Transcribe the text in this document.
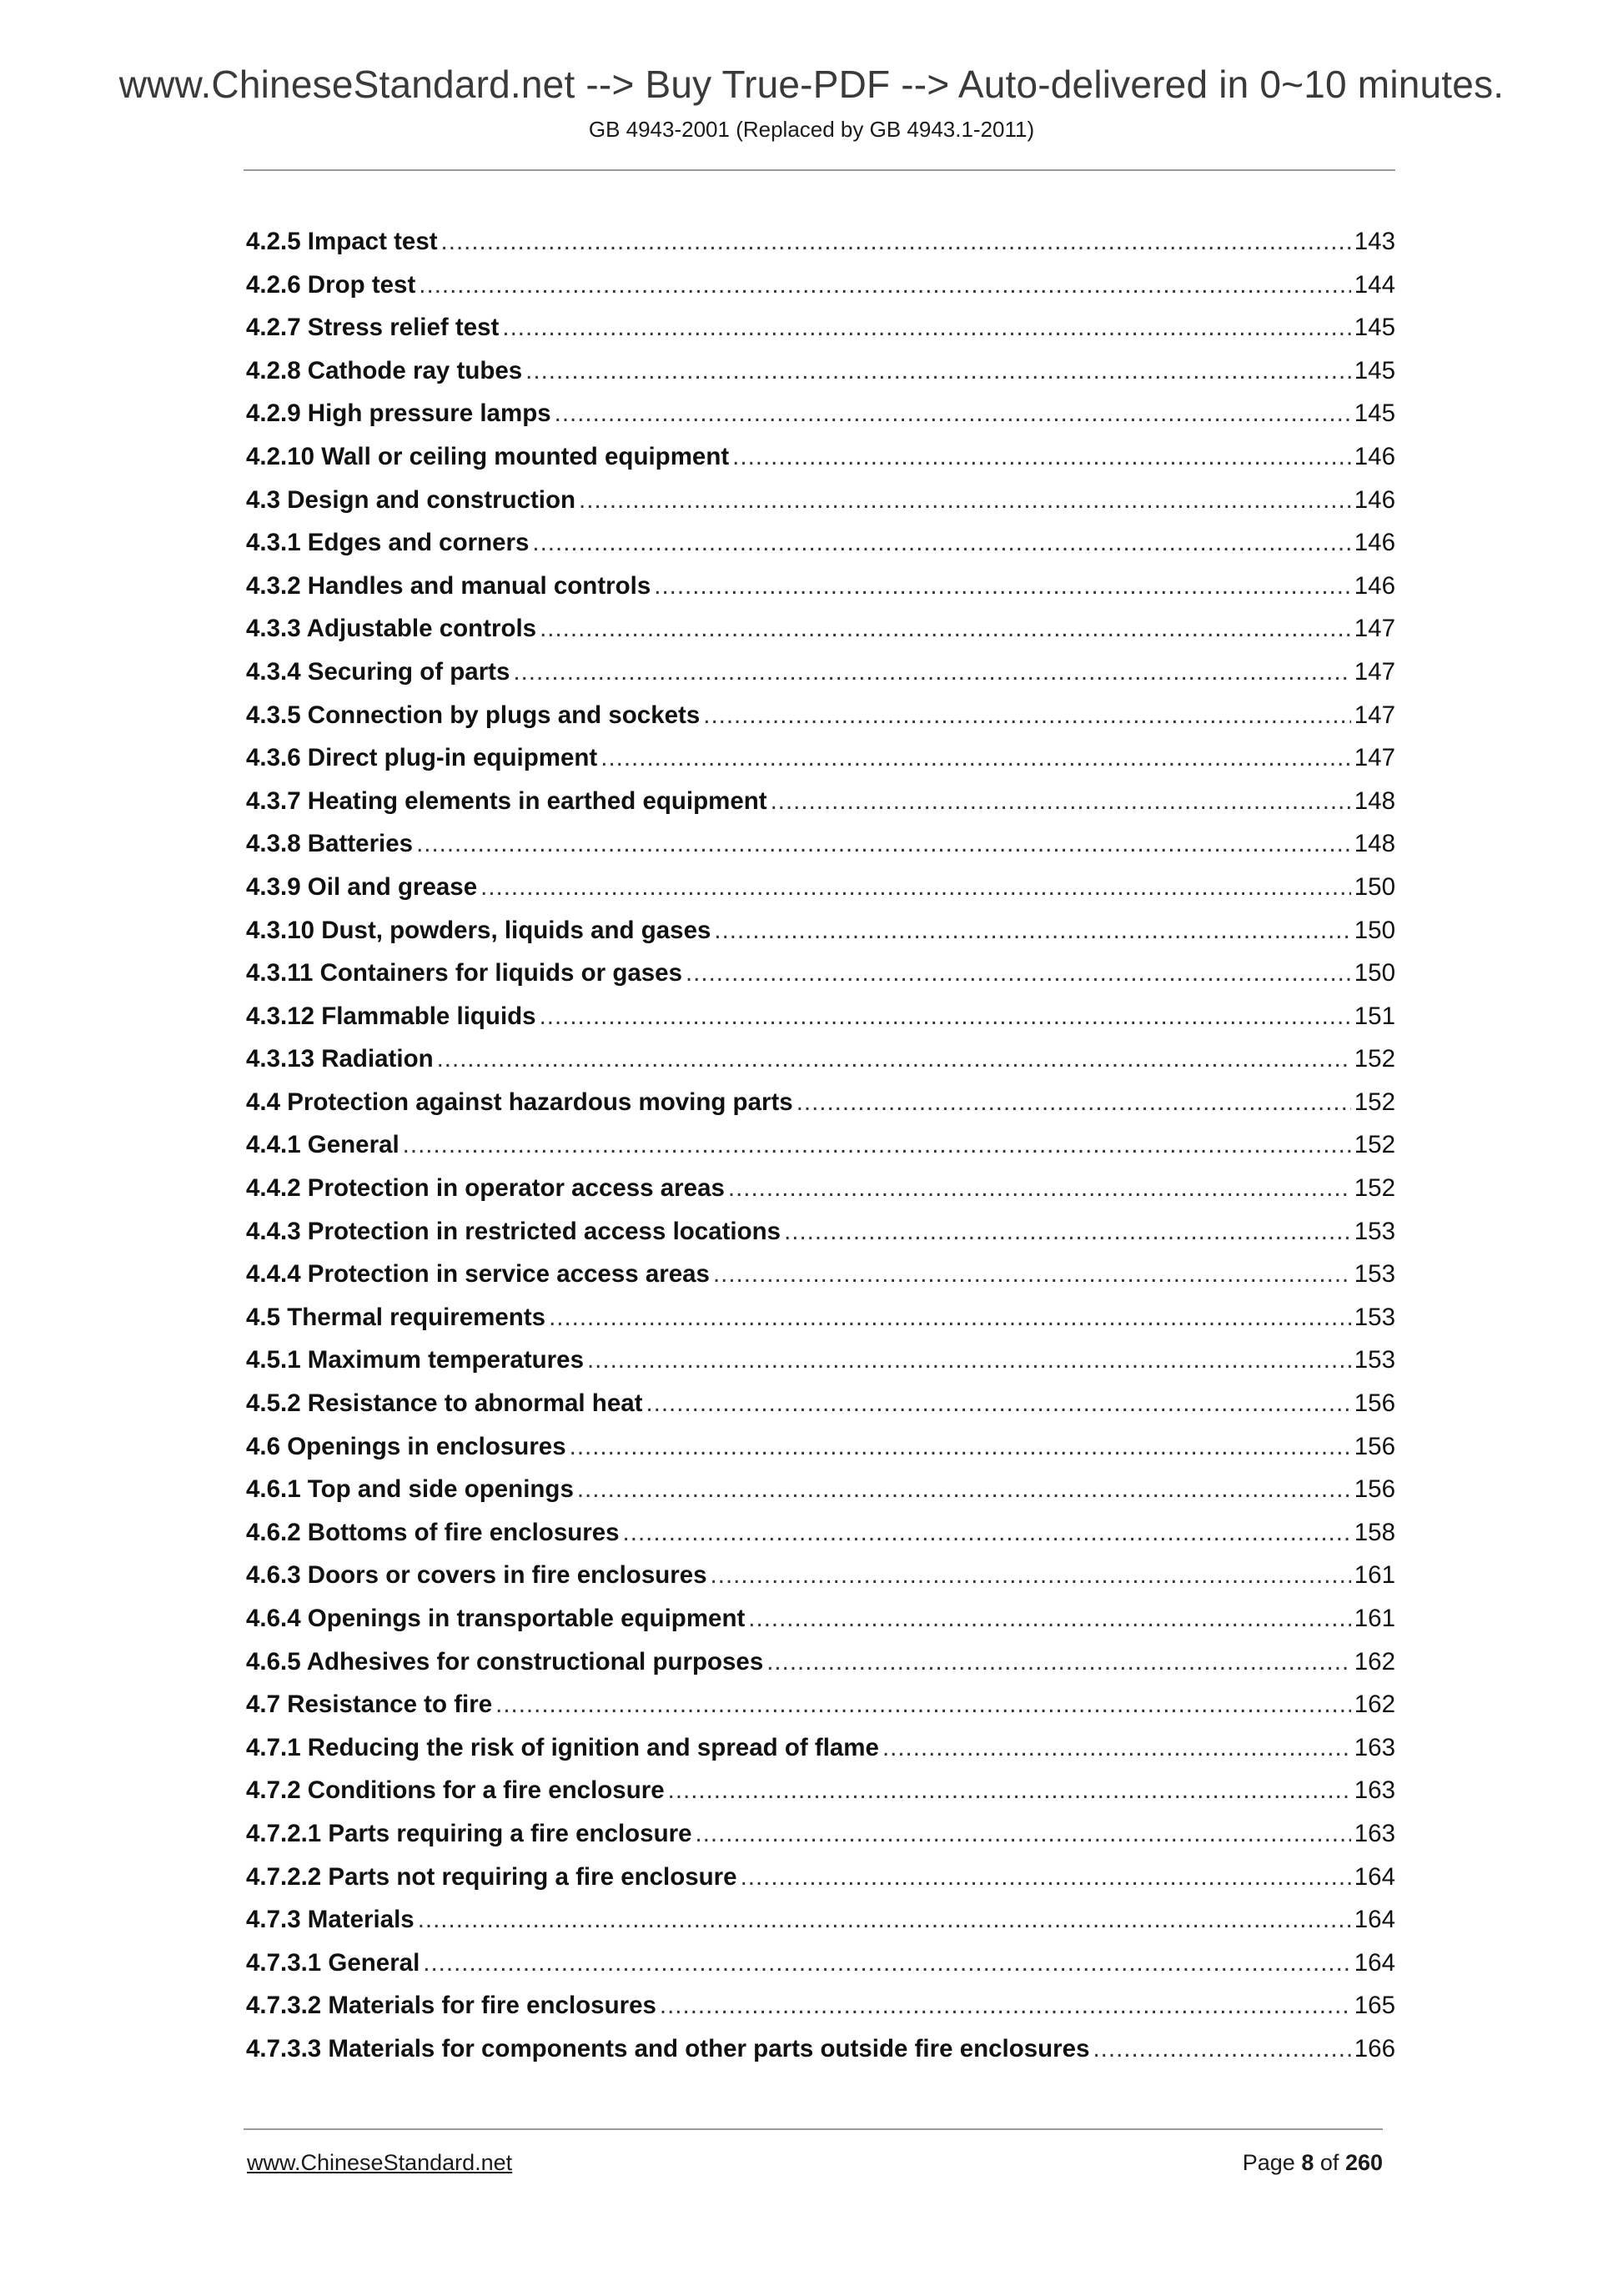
www.ChineseStandard.net --> Buy True-PDF --> Auto-delivered in 0~10 minutes.
GB 4943-2001 (Replaced by GB 4943.1-2011)
4.2.5 Impact test .....	143
4.2.6 Drop test .....	144
4.2.7 Stress relief test .....	145
4.2.8 Cathode ray tubes .....	145
4.2.9 High pressure lamps .....	145
4.2.10 Wall or ceiling mounted equipment .....	146
4.3 Design and construction .....	146
4.3.1 Edges and corners .....	146
4.3.2 Handles and manual controls .....	146
4.3.3 Adjustable controls .....	147
4.3.4 Securing of parts .....	147
4.3.5 Connection by plugs and sockets .....	147
4.3.6 Direct plug-in equipment .....	147
4.3.7 Heating elements in earthed equipment .....	148
4.3.8 Batteries .....	148
4.3.9 Oil and grease .....	150
4.3.10 Dust, powders, liquids and gases .....	150
4.3.11 Containers for liquids or gases .....	150
4.3.12 Flammable liquids .....	151
4.3.13 Radiation .....	152
4.4 Protection against hazardous moving parts .....	152
4.4.1 General .....	152
4.4.2 Protection in operator access areas .....	152
4.4.3 Protection in restricted access locations .....	153
4.4.4 Protection in service access areas .....	153
4.5 Thermal requirements .....	153
4.5.1 Maximum temperatures .....	153
4.5.2 Resistance to abnormal heat .....	156
4.6 Openings in enclosures .....	156
4.6.1 Top and side openings .....	156
4.6.2 Bottoms of fire enclosures .....	158
4.6.3 Doors or covers in fire enclosures .....	161
4.6.4 Openings in transportable equipment .....	161
4.6.5 Adhesives for constructional purposes .....	162
4.7 Resistance to fire .....	162
4.7.1 Reducing the risk of ignition and spread of flame .....	163
4.7.2 Conditions for a fire enclosure .....	163
4.7.2.1 Parts requiring a fire enclosure .....	163
4.7.2.2 Parts not requiring a fire enclosure .....	164
4.7.3 Materials .....	164
4.7.3.1 General .....	164
4.7.3.2 Materials for fire enclosures .....	165
4.7.3.3 Materials for components and other parts outside fire enclosures .....	166
www.ChineseStandard.net	Page 8 of 260
